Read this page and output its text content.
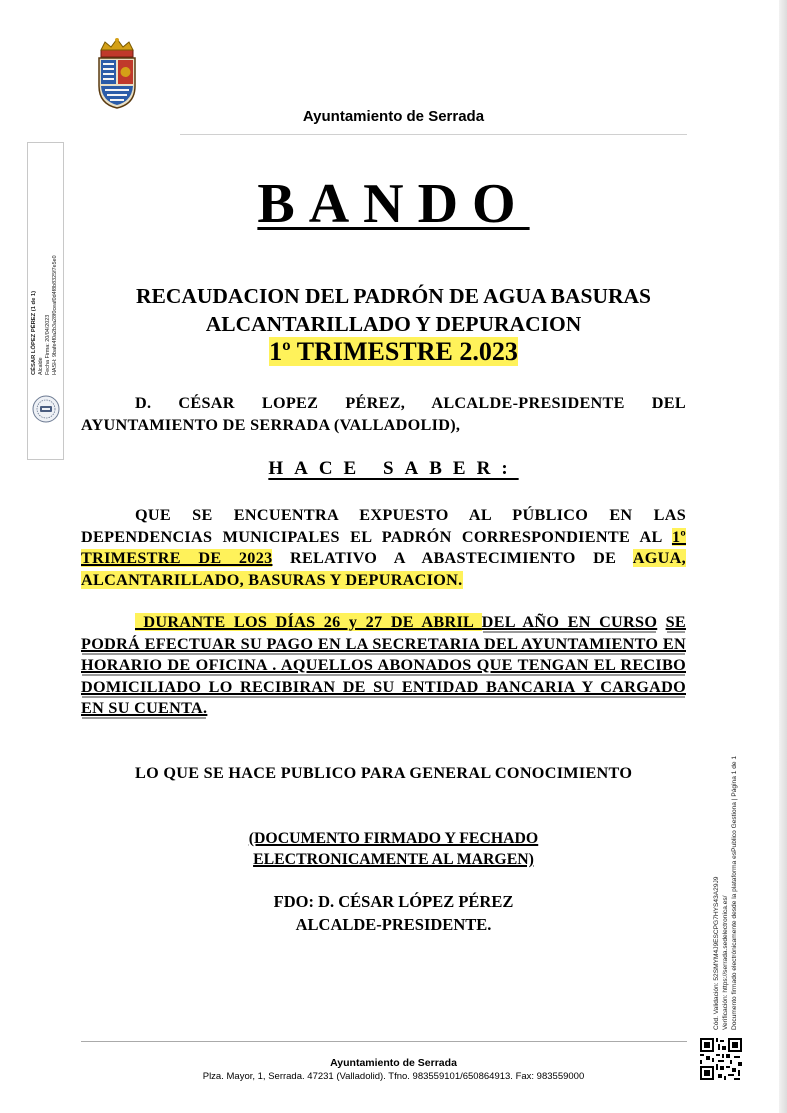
Ayuntamiento de Serrada
CÉSAR LÓPEZ PÉREZ (1 de 1)
Alcalde
Fecha Firma: 20/04/2023
HASH: 9bafe4f0a2b3a28f0ceaf0d4f8b8325f7e5e0
BANDO
RECAUDACION DEL PADRÓN DE AGUA BASURAS
ALCANTARILLADO Y DEPURACION
1º TRIMESTRE 2.023
D. CÉSAR LOPEZ PÉREZ, ALCALDE-PRESIDENTE DEL AYUNTAMIENTO DE SERRADA (VALLADOLID),
HACE SABER:
QUE SE ENCUENTRA EXPUESTO AL PÚBLICO EN LAS DEPENDENCIAS MUNICIPALES EL PADRÓN CORRESPONDIENTE AL 1º TRIMESTRE DE 2023 RELATIVO A ABASTECIMIENTO DE AGUA, ALCANTARILLADO, BASURAS Y DEPURACION.
DURANTE LOS DÍAS 26 y 27 DE ABRIL DEL AÑO EN CURSO SE PODRÁ EFECTUAR SU PAGO EN LA SECRETARIA DEL AYUNTAMIENTO EN HORARIO DE OFICINA . AQUELLOS ABONADOS QUE TENGAN EL RECIBO DOMICILIADO LO RECIBIRAN DE SU ENTIDAD BANCARIA Y CARGADO EN SU CUENTA.
LO QUE SE HACE PUBLICO PARA GENERAL CONOCIMIENTO
(DOCUMENTO FIRMADO Y FECHADO
ELECTRONICAMENTE AL MARGEN)
FDO: D. CÉSAR LÓPEZ PÉREZ
ALCALDE-PRESIDENTE.	Cód. Validación: 52SMYM4J9ESCPG7HYS43A29J9 Verificación: https://serrada.sedelectronica.es/ Documento firmado electrónicamente desde la plataforma esPublico Gestiona | Página 1 de 1
Ayuntamiento de Serrada
Plza. Mayor, 1, Serrada. 47231 (Valladolid). Tfno. 983559101/650864913. Fax: 983559000
